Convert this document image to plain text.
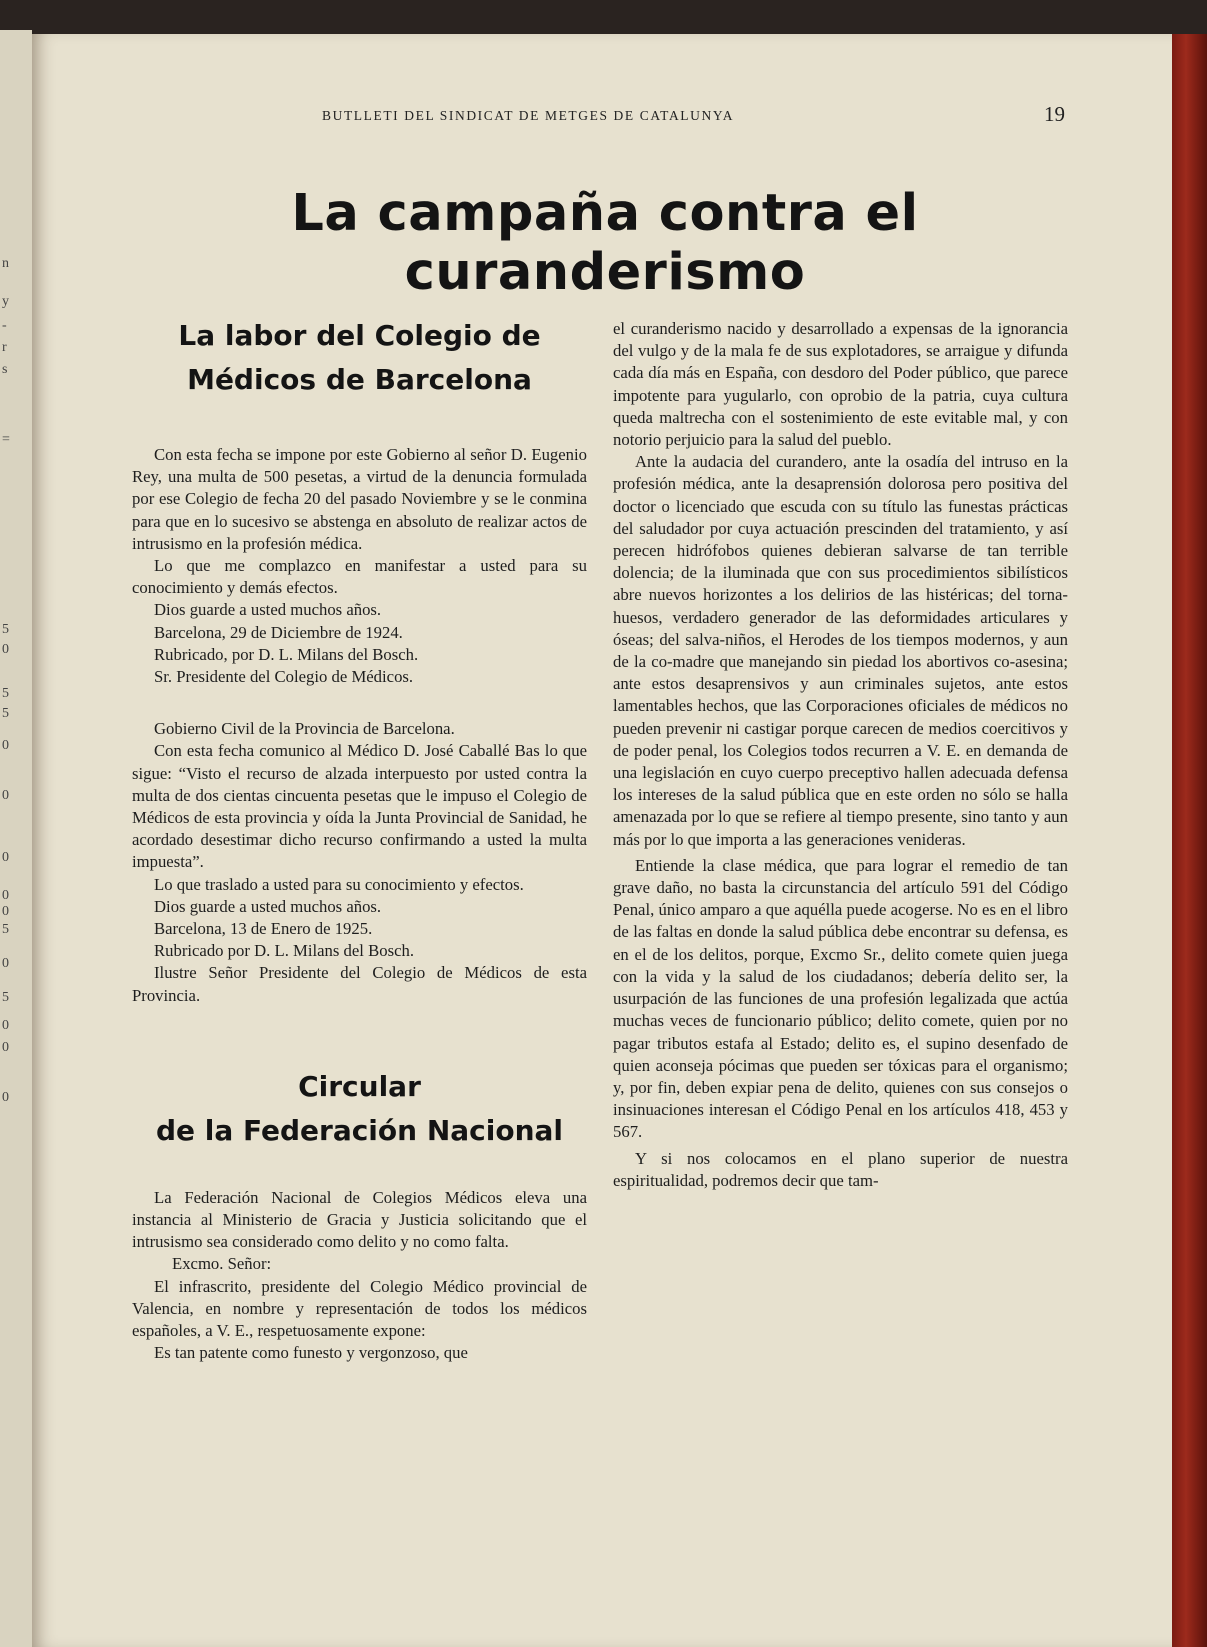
n
y
-
r
s
=
5
0
5
5
0
0
0
0
0
5
0
5
0
0
0
BUTLLETI DEL SINDICAT DE METGES DE CATALUNYA	19
La campaña contra el curanderismo
La labor del Colegio de
Médicos de Barcelona

Con esta fecha se impone por este Gobierno al señor D. Eugenio Rey, una multa de 500 pesetas, a virtud de la denuncia formulada por ese Colegio de fecha 20 del pasado Noviembre y se le conmina para que en lo sucesivo se abstenga en absoluto de realizar actos de intrusismo en la profesión médica.

Lo que me complazco en manifestar a usted para su conocimiento y demás efectos.

Dios guarde a usted muchos años.

Barcelona, 29 de Diciembre de 1924.

Rubricado, por D. L. Milans del Bosch.

Sr. Presidente del Colegio de Médicos.

Gobierno Civil de la Provincia de Barcelona.

Con esta fecha comunico al Médico D. José Caballé Bas lo que sigue: “Visto el recurso de alzada interpuesto por usted contra la multa de dos cientas cincuenta pesetas que le impuso el Colegio de Médicos de esta provincia y oída la Junta Provincial de Sanidad, he acordado desestimar dicho recurso confirmando a usted la multa impuesta”.

Lo que traslado a usted para su conocimiento y efectos.

Dios guarde a usted muchos años.

Barcelona, 13 de Enero de 1925.

Rubricado por D. L. Milans del Bosch.

Ilustre Señor Presidente del Colegio de Médicos de esta Provincia.

Circular
de la Federación Nacional

La Federación Nacional de Colegios Médicos eleva una instancia al Ministerio de Gracia y Justicia solicitando que el intrusismo sea considerado como delito y no como falta.

Excmo. Señor:

El infrascrito, presidente del Colegio Médico provincial de Valencia, en nombre y representación de todos los médicos españoles, a V. E., respetuosamente expone:

Es tan patente como funesto y vergonzoso, que

el curanderismo nacido y desarrollado a expensas de la ignorancia del vulgo y de la mala fe de sus explotadores, se arraigue y difunda cada día más en España, con desdoro del Poder público, que parece impotente para yugularlo, con oprobio de la patria, cuya cultura queda maltrecha con el sostenimiento de este evitable mal, y con notorio perjuicio para la salud del pueblo.

Ante la audacia del curandero, ante la osadía del intruso en la profesión médica, ante la desaprensión dolorosa pero positiva del doctor o licenciado que escuda con su título las funestas prácticas del saludador por cuya actuación prescinden del tratamiento, y así perecen hidrófobos quienes debieran salvarse de tan terrible dolencia; de la iluminada que con sus procedimientos sibilísticos abre nuevos horizontes a los delirios de las histéricas; del torna-huesos, verdadero generador de las deformidades articulares y óseas; del salva-niños, el Herodes de los tiempos modernos, y aun de la co-madre que manejando sin piedad los abortivos co-asesina; ante estos desaprensivos y aun criminales sujetos, ante estos lamentables hechos, que las Corporaciones oficiales de médicos no pueden prevenir ni castigar porque carecen de medios coercitivos y de poder penal, los Colegios todos recurren a V. E. en demanda de una legislación en cuyo cuerpo preceptivo hallen adecuada defensa los intereses de la salud pública que en este orden no sólo se halla amenazada por lo que se refiere al tiempo presente, sino tanto y aun más por lo que importa a las generaciones venideras.

Entiende la clase médica, que para lograr el remedio de tan grave daño, no basta la circunstancia del artículo 591 del Código Penal, único amparo a que aquélla puede acogerse. No es en el libro de las faltas en donde la salud pública debe encontrar su defensa, es en el de los delitos, porque, Excmo Sr., delito comete quien juega con la vida y la salud de los ciudadanos; debería delito ser, la usurpación de las funciones de una profesión legalizada que actúa muchas veces de funcionario público; delito comete, quien por no pagar tributos estafa al Estado; delito es, el supino desenfado de quien aconseja pócimas que pueden ser tóxicas para el organismo; y, por fin, deben expiar pena de delito, quienes con sus consejos o insinuaciones interesan el Código Penal en los artículos 418, 453 y 567.

Y si nos colocamos en el plano superior de nuestra espiritualidad, podremos decir que tam-
